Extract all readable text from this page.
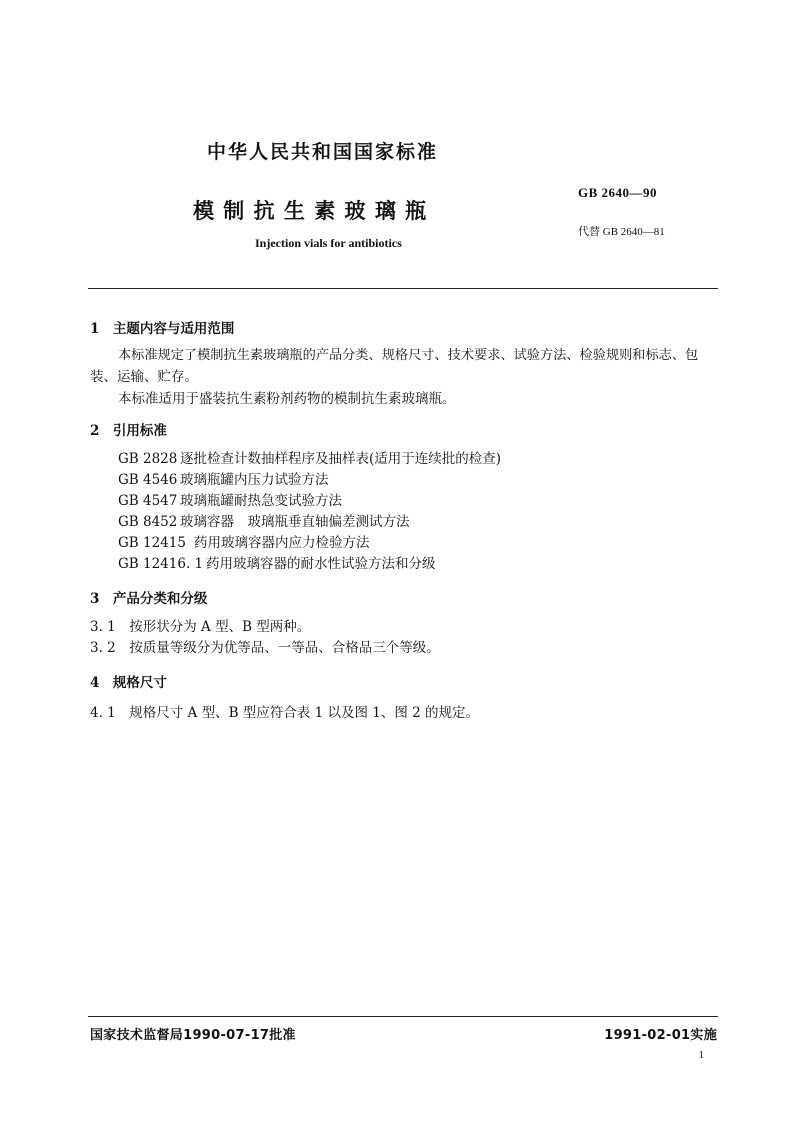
中华人民共和国国家标准
模 制 抗 生 素 玻 璃 瓶
Injection vials for antibiotics
GB 2640—90
代替 GB 2640—81
1　主题内容与适用范围
本标准规定了模制抗生素玻璃瓶的产品分类、规格尺寸、技术要求、试验方法、检验规则和标志、包
装、运输、贮存。
本标准适用于盛装抗生素粉剂药物的模制抗生素玻璃瓶。
2　引用标准
GB 2828 逐批检查计数抽样程序及抽样表(适用于连续批的检查)
GB 4546 玻璃瓶罐内压力试验方法
GB 4547 玻璃瓶罐耐热急变试验方法
GB 8452 玻璃容器　玻璃瓶垂直轴偏差测试方法
GB 12415 药用玻璃容器内应力检验方法
GB 12416. 1 药用玻璃容器的耐水性试验方法和分级
3　产品分类和分级
3. 1　按形状分为 A 型、B 型两种。
3. 2　按质量等级分为优等品、一等品、合格品三个等级。
4　规格尺寸
4. 1　规格尺寸 A 型、B 型应符合表 1 以及图 1、图 2 的规定。
国家技术监督局1990-07-17批准	1991-02-01实施
1
